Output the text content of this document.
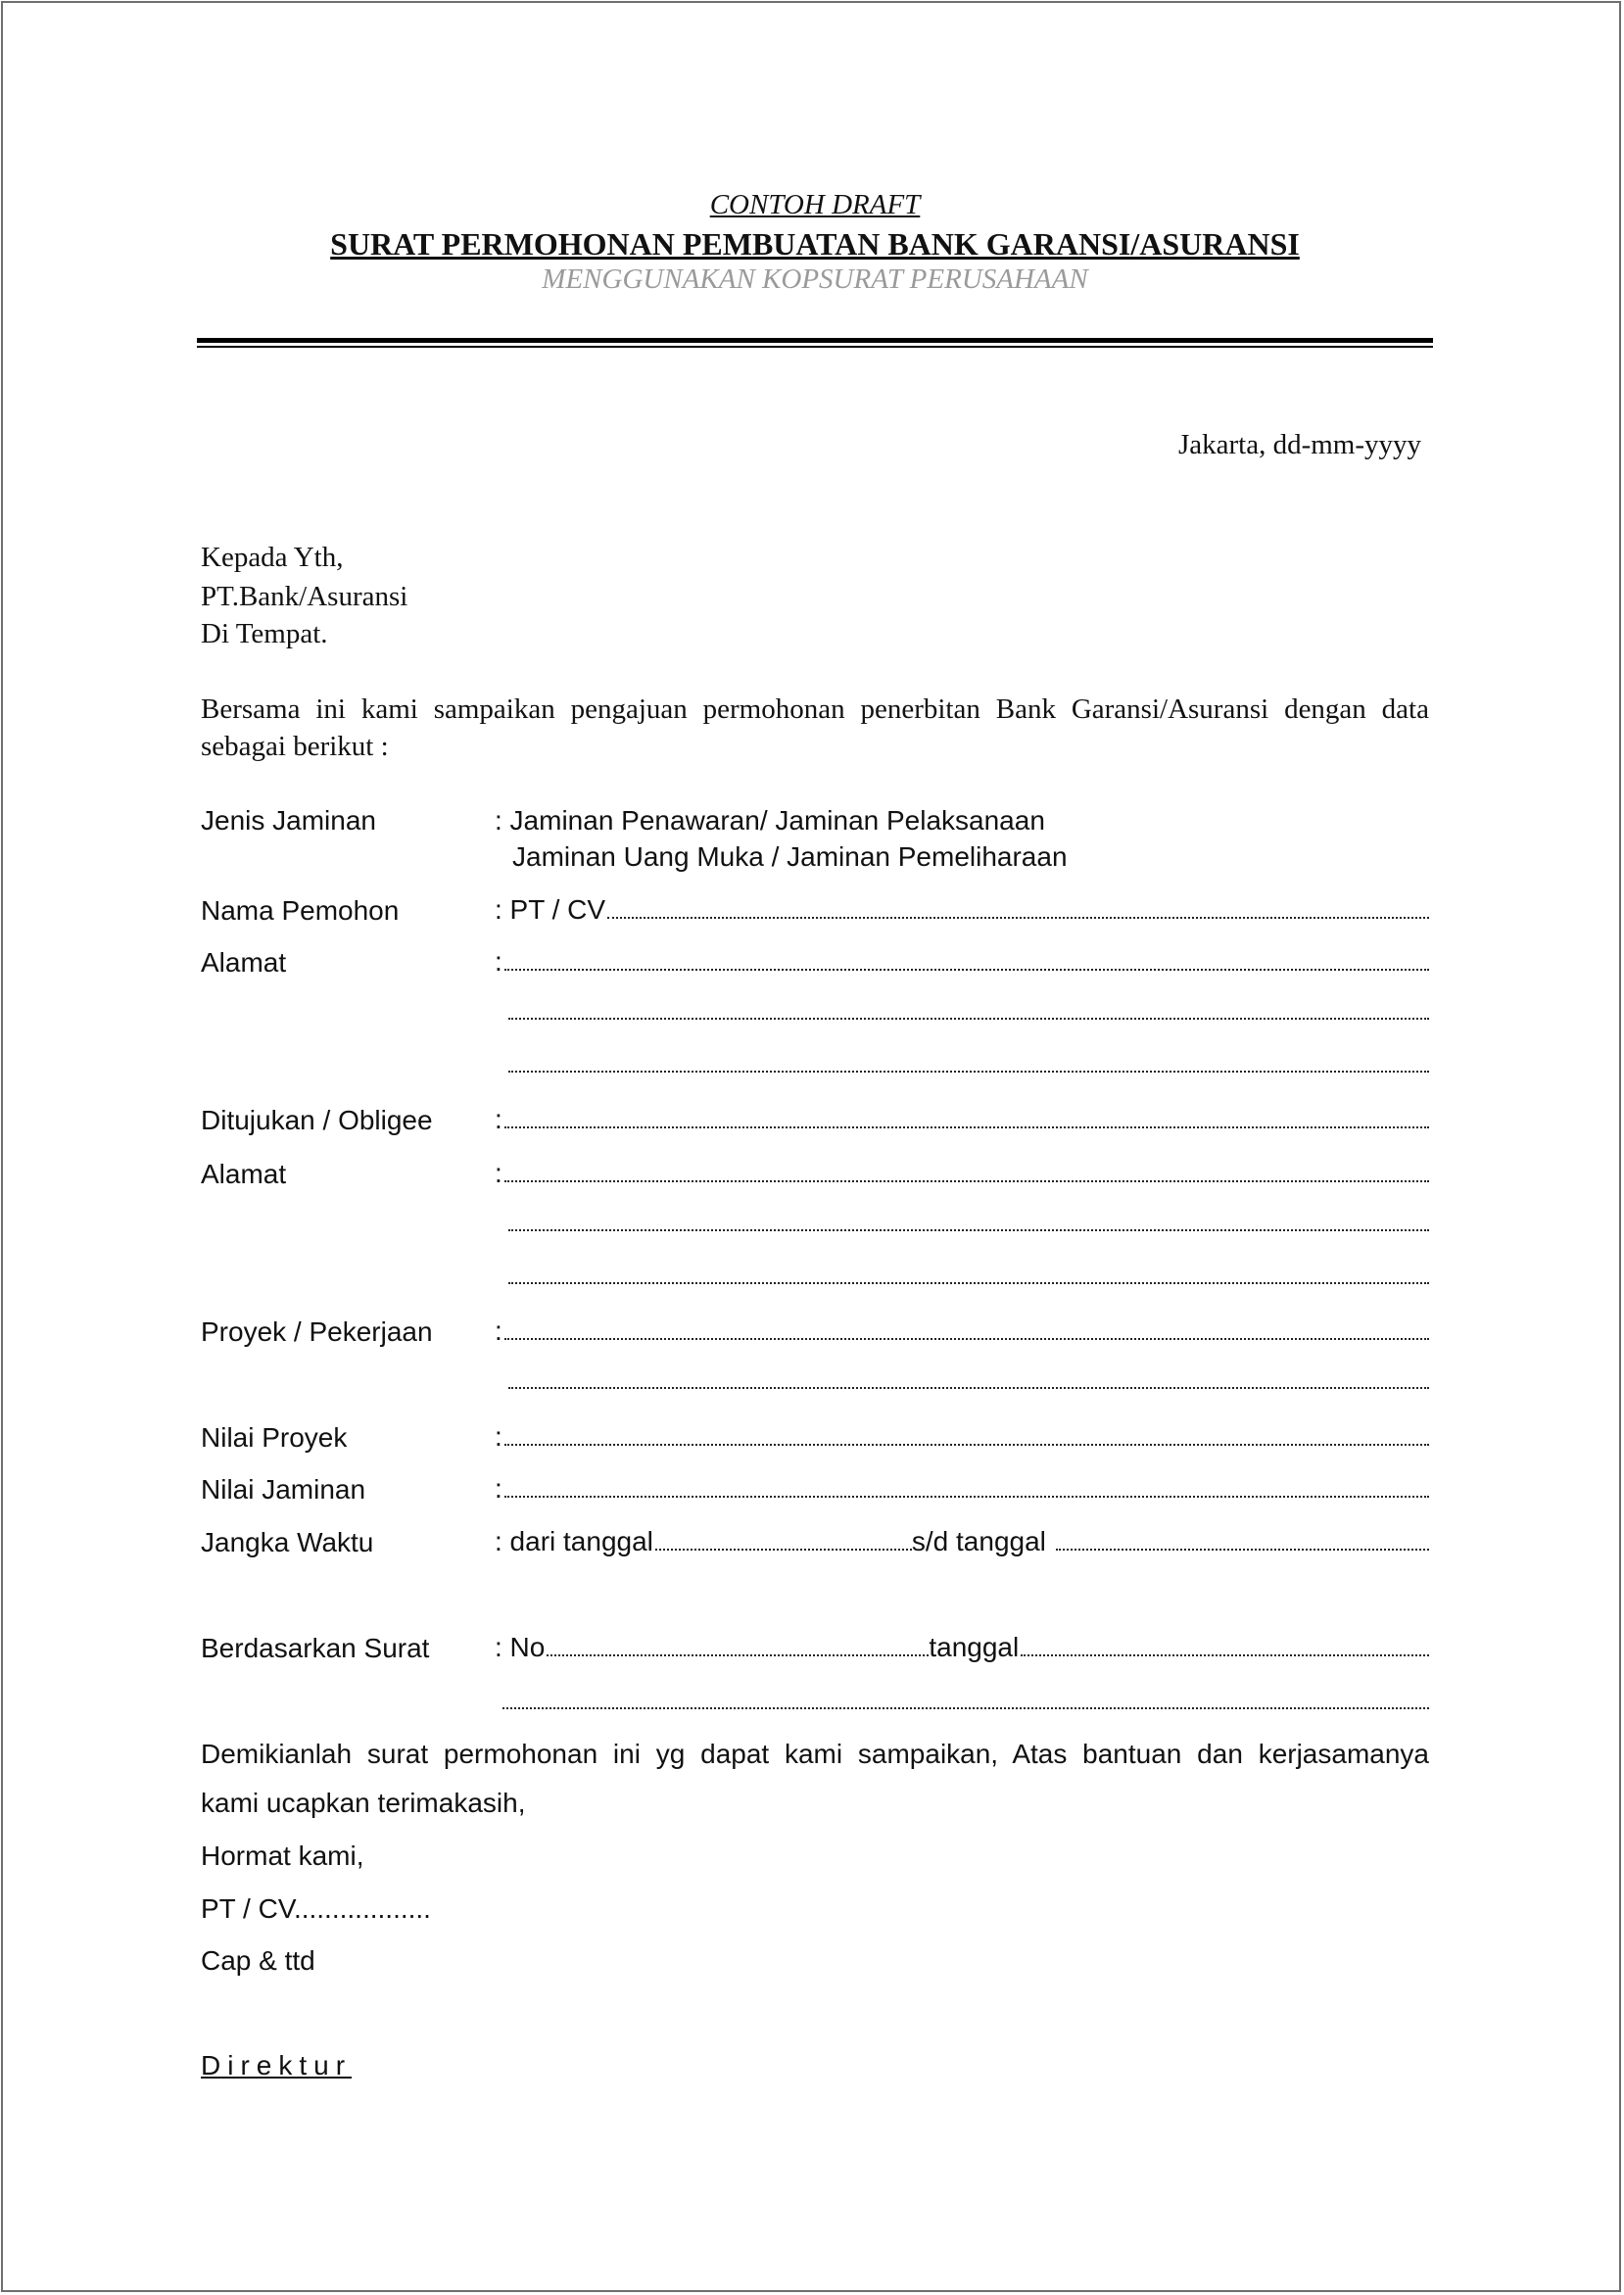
CONTOH DRAFT
SURAT PERMOHONAN PEMBUATAN BANK GARANSI/ASURANSI
MENGGUNAKAN KOPSURAT PERUSAHAAN
Jakarta, dd-mm-yyyy
Kepada Yth,
PT.Bank/Asuransi
Di Tempat.
Bersama ini kami sampaikan pengajuan permohonan penerbitan Bank Garansi/Asuransi dengan data sebagai berikut :
Jenis Jaminan	: Jaminan Penawaran/ Jaminan Pelaksanaan
Jaminan Uang Muka / Jaminan Pemeliharaan
Nama Pemohon	: PT / CV
Alamat	:
Ditujukan / Obligee :
Alamat	:
Proyek / Pekerjaan :
Nilai Proyek	:
Nilai Jaminan	:
Jangka Waktu	: dari tanggal	s/d tanggal
Berdasarkan Surat : No	tanggal
Demikianlah surat permohonan ini yg dapat kami sampaikan, Atas bantuan dan kerjasamanya
kami ucapkan terimakasih,
Hormat kami,
PT / CV..................
Cap & ttd
Direktur
